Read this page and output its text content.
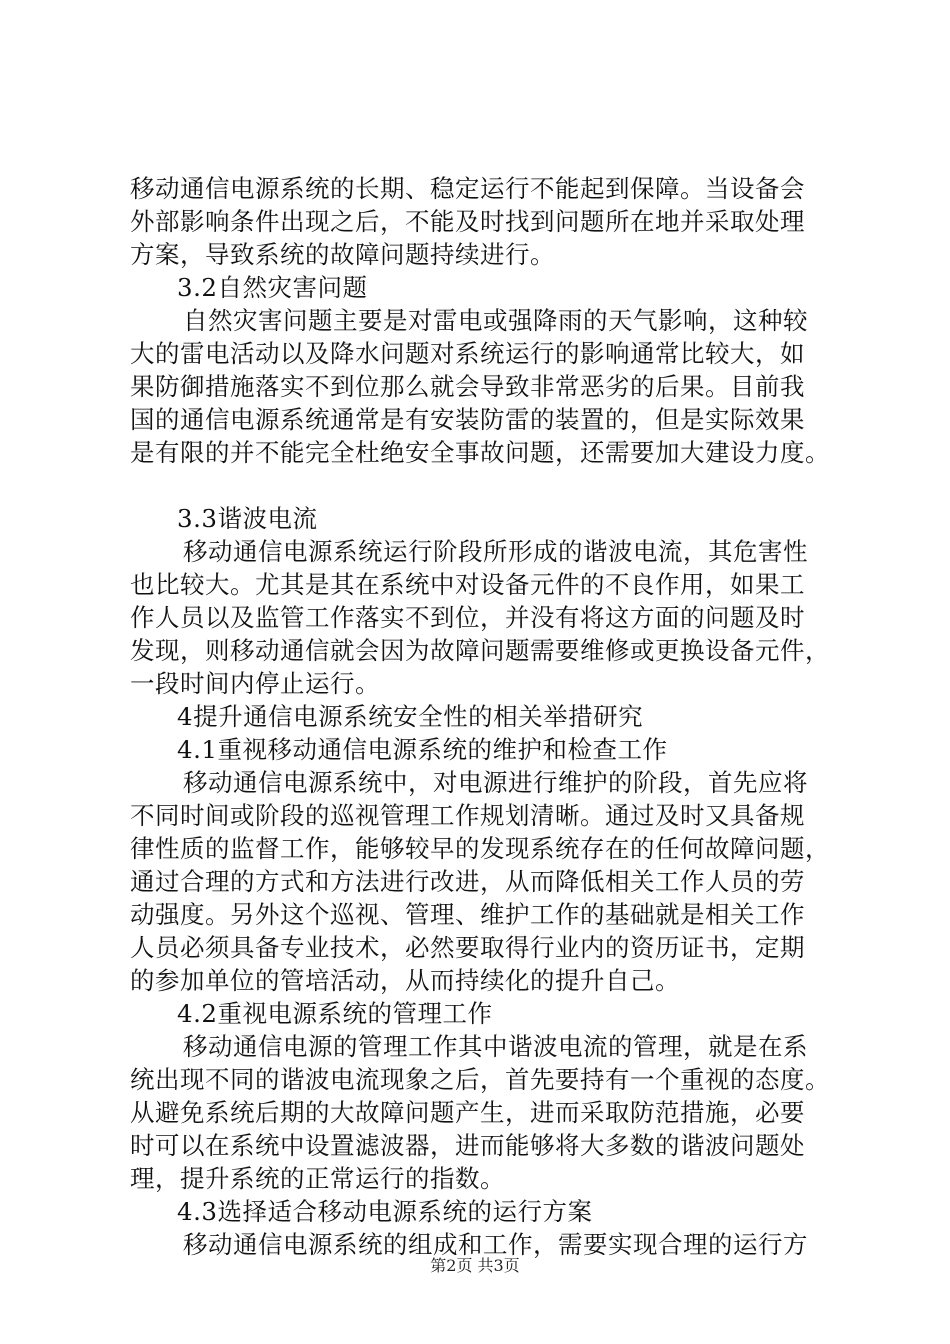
移动通信电源系统的长期、稳定运行不能起到保障。当设备会
外部影响条件出现之后，不能及时找到问题所在地并采取处理
方案，导致系统的故障问题持续进行。
3.2自然灾害问题
自然灾害问题主要是对雷电或强降雨的天气影响，这种较
大的雷电活动以及降水问题对系统运行的影响通常比较大，如
果防御措施落实不到位那么就会导致非常恶劣的后果。目前我
国的通信电源系统通常是有安装防雷的装置的，但是实际效果
是有限的并不能完全杜绝安全事故问题，还需要加大建设力度。
3.3谐波电流
移动通信电源系统运行阶段所形成的谐波电流，其危害性
也比较大。尤其是其在系统中对设备元件的不良作用，如果工
作人员以及监管工作落实不到位，并没有将这方面的问题及时
发现，则移动通信就会因为故障问题需要维修或更换设备元件，
一段时间内停止运行。
4提升通信电源系统安全性的相关举措研究
4.1重视移动通信电源系统的维护和检查工作
移动通信电源系统中，对电源进行维护的阶段，首先应将
不同时间或阶段的巡视管理工作规划清晰。通过及时又具备规
律性质的监督工作，能够较早的发现系统存在的任何故障问题，
通过合理的方式和方法进行改进，从而降低相关工作人员的劳
动强度。另外这个巡视、管理、维护工作的基础就是相关工作
人员必须具备专业技术，必然要取得行业内的资历证书，定期
的参加单位的管培活动，从而持续化的提升自己。
4.2重视电源系统的管理工作
移动通信电源的管理工作其中谐波电流的管理，就是在系
统出现不同的谐波电流现象之后，首先要持有一个重视的态度。
从避免系统后期的大故障问题产生，进而采取防范措施，必要
时可以在系统中设置滤波器，进而能够将大多数的谐波问题处
理，提升系统的正常运行的指数。
4.3选择适合移动电源系统的运行方案
移动通信电源系统的组成和工作，需要实现合理的运行方
第2页 共3页
